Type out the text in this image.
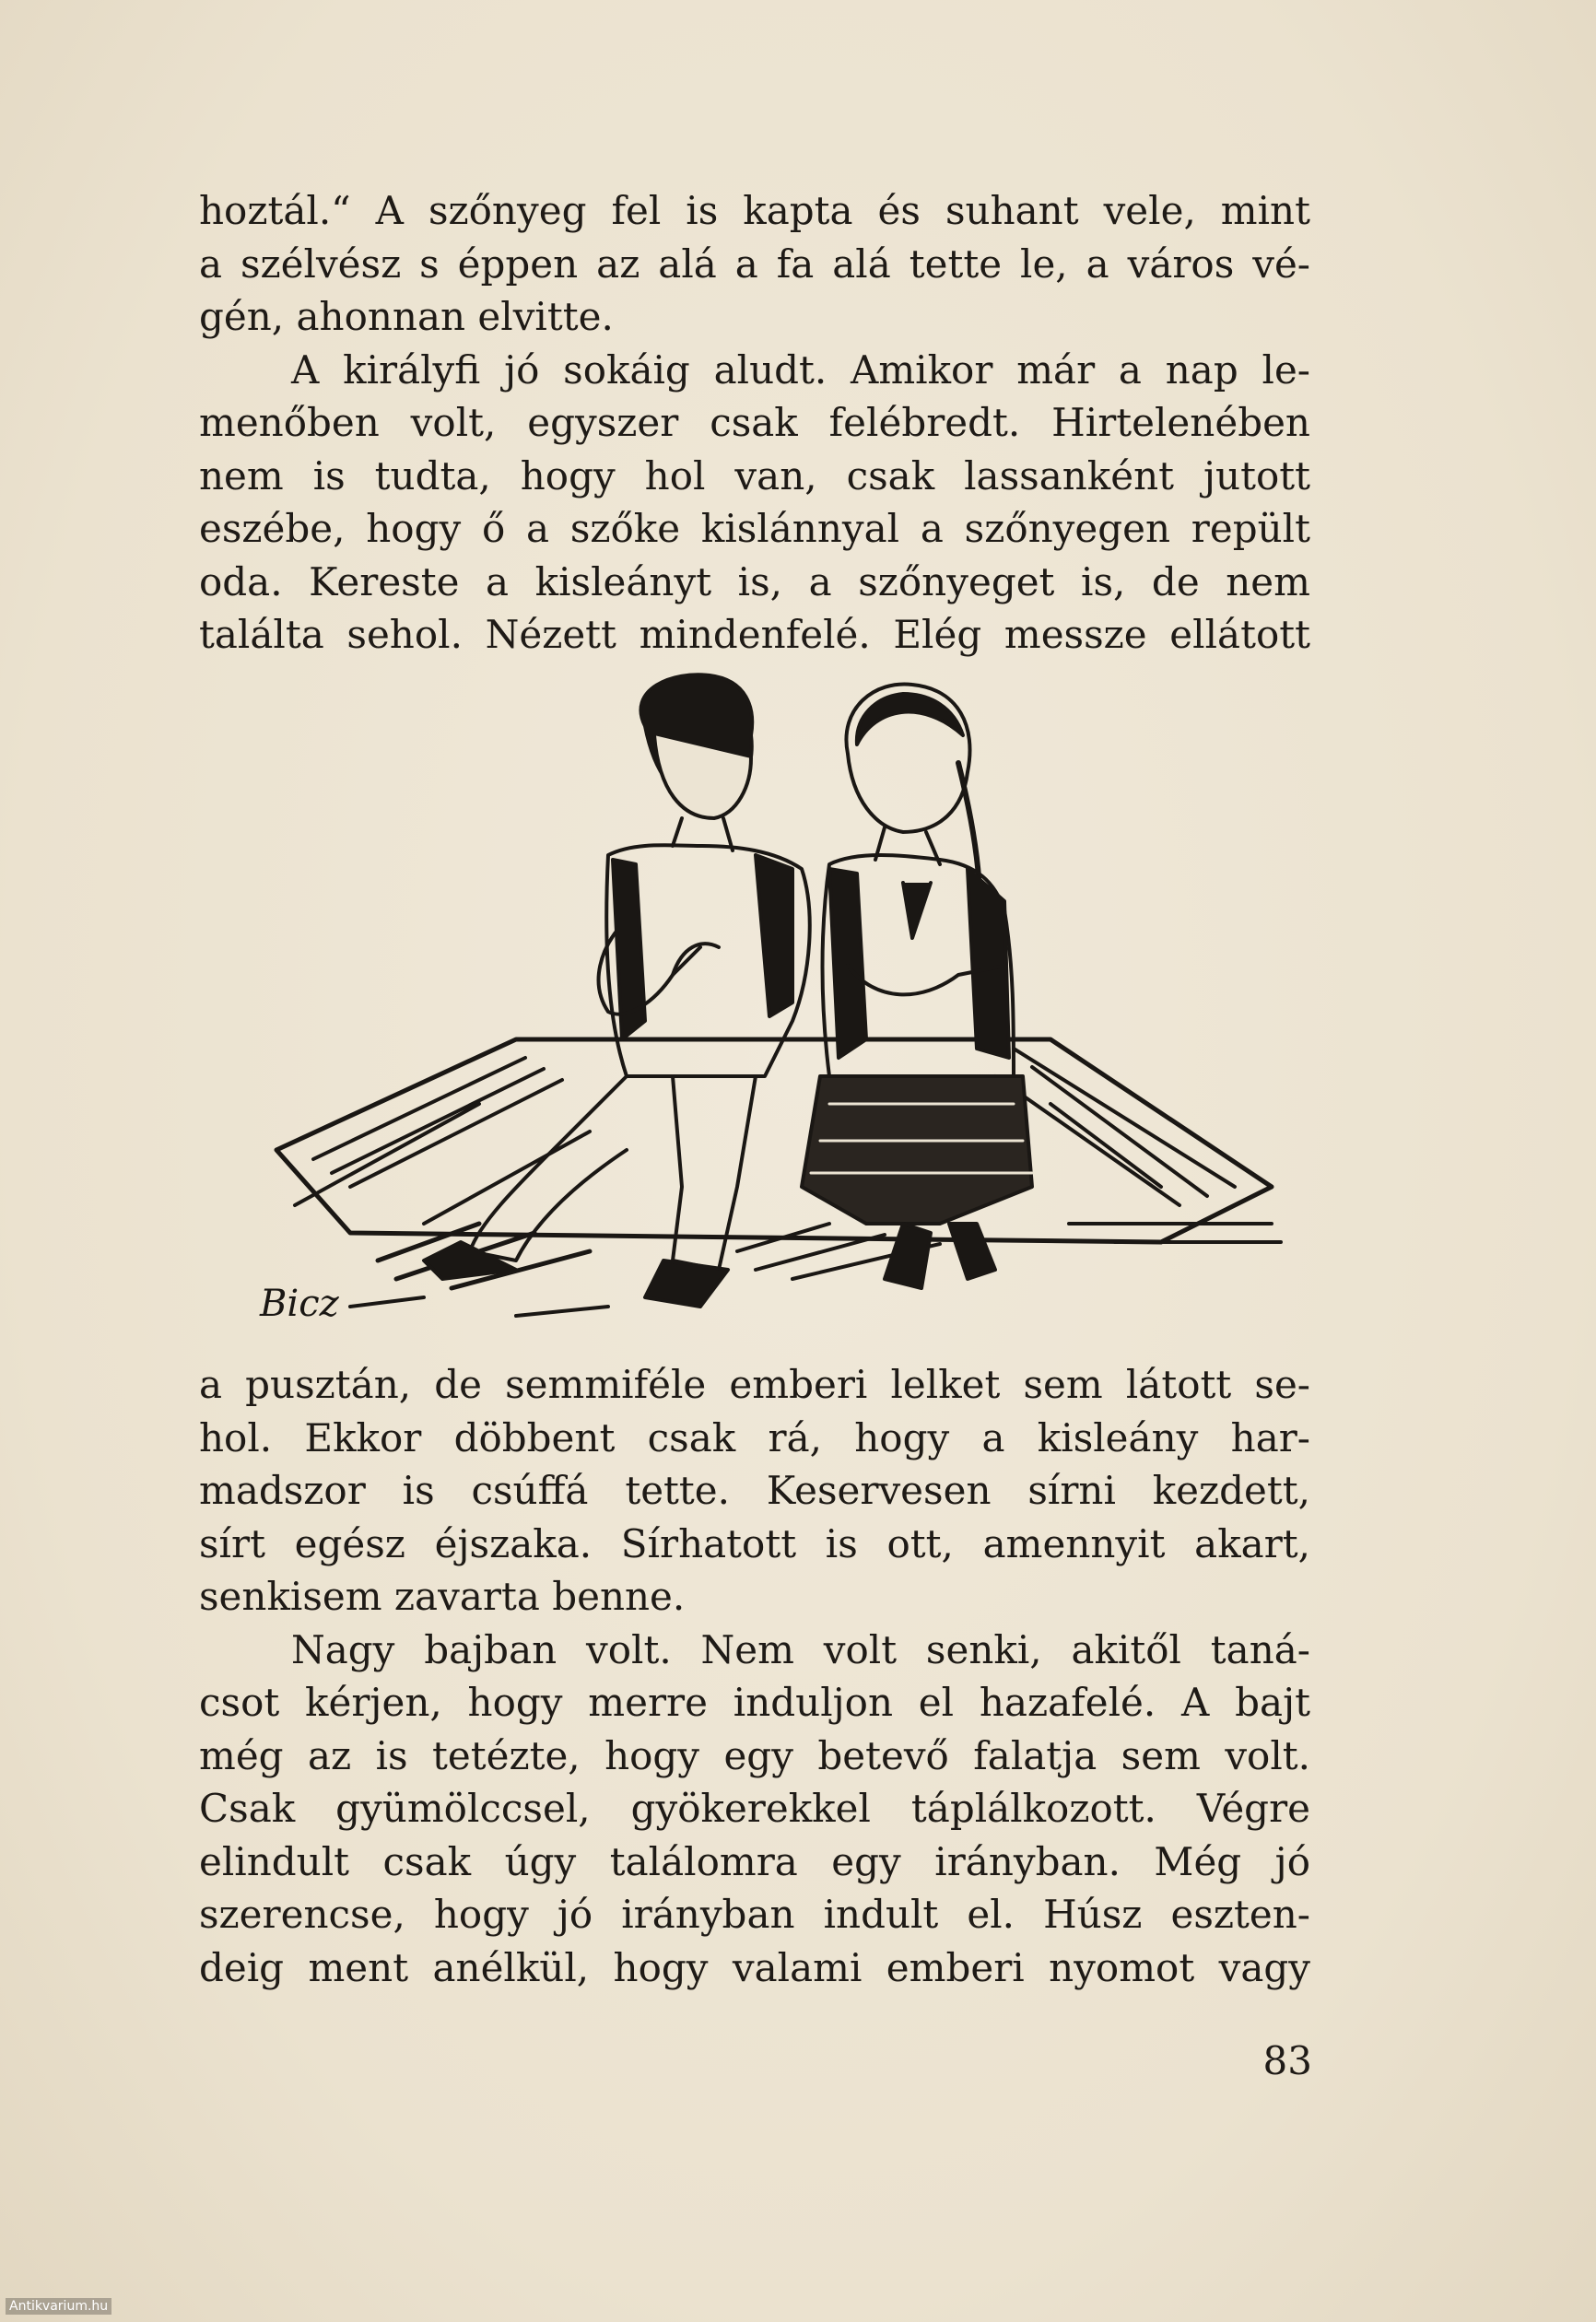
hoztál.“ A szőnyeg fel is kapta és suhant vele, mint
a szélvész s éppen az alá a fa alá tette le, a város vé-
gén, ahonnan elvitte.
A királyfi jó sokáig aludt. Amikor már a nap le-
menőben volt, egyszer csak felébredt. Hirtelenében
nem is tudta, hogy hol van, csak lassanként jutott
eszébe, hogy ő a szőke kislánnyal a szőnyegen repült
oda. Kereste a kisleányt is, a szőnyeget is, de nem
találta sehol. Nézett mindenfelé. Elég messze ellátott
Bicz
a pusztán, de semmiféle emberi lelket sem látott se-
hol. Ekkor döbbent csak rá, hogy a kisleány har-
madszor is csúffá tette. Keservesen sírni kezdett,
sírt egész éjszaka. Sírhatott is ott, amennyit akart,
senkisem zavarta benne.
Nagy bajban volt. Nem volt senki, akitől taná-
csot kérjen, hogy merre induljon el hazafelé. A bajt
még az is tetézte, hogy egy betevő falatja sem volt.
Csak gyümölccsel, gyökerekkel táplálkozott. Végre
elindult csak úgy találomra egy irányban. Még jó
szerencse, hogy jó irányban indult el. Húsz eszten-
deig ment anélkül, hogy valami emberi nyomot vagy
83
Antikvarium.hu
